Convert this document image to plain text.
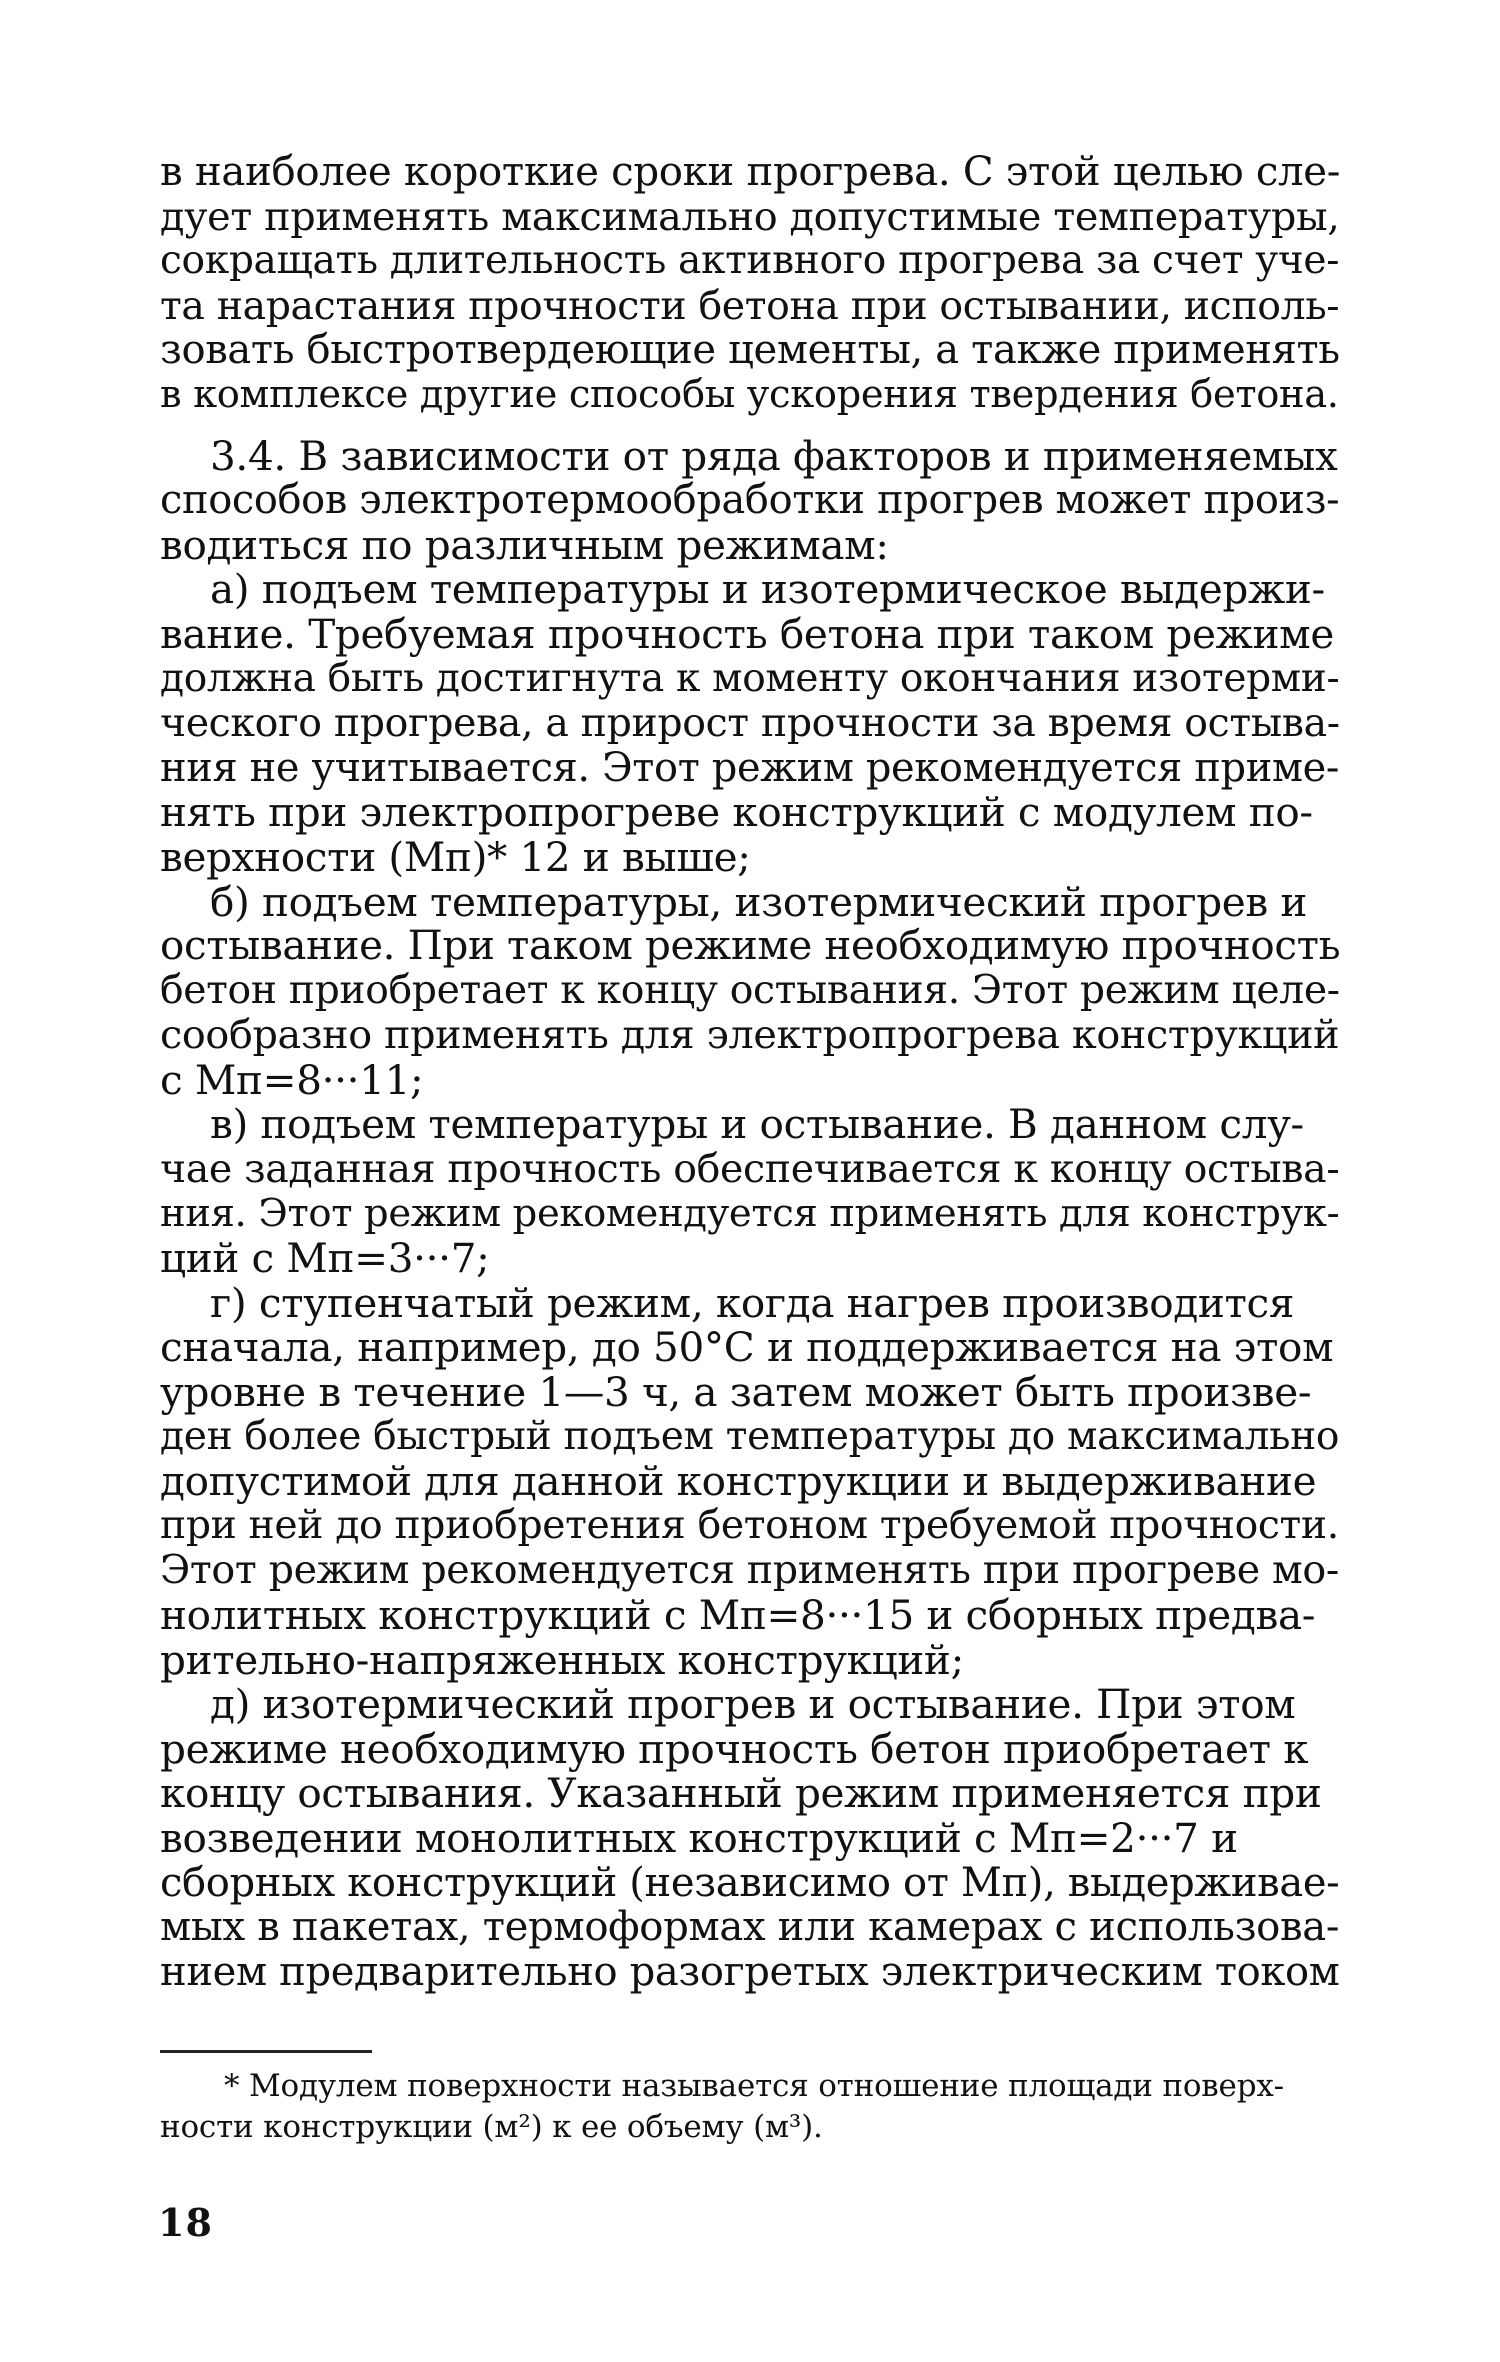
в наиболее короткие сроки прогрева. С этой целью сле-
дует применять максимально допустимые температуры,
сокращать длительность активного прогрева за счет уче-
та нарастания прочности бетона при остывании, исполь-
зовать быстротвердеющие цементы, а также применять
в комплексе другие способы ускорения твердения бетона.
3.4. В зависимости от ряда факторов и применяемых
способов электротермообработки прогрев может произ-
водиться по различным режимам:
а) подъем температуры и изотермическое выдержи-
вание. Требуемая прочность бетона при таком режиме
должна быть достигнута к моменту окончания изотерми-
ческого прогрева, а прирост прочности за время остыва-
ния не учитывается. Этот режим рекомендуется приме-
нять при электропрогреве конструкций с модулем по-
верхности (Мп)* 12 и выше;
б) подъем температуры, изотермический прогрев и
остывание. При таком режиме необходимую прочность
бетон приобретает к концу остывания. Этот режим целе-
сообразно применять для электропрогрева конструкций
с Мп=8···11;
в) подъем температуры и остывание. В данном слу-
чае заданная прочность обеспечивается к концу остыва-
ния. Этот режим рекомендуется применять для конструк-
ций с Мп=3···7;
г) ступенчатый режим, когда нагрев производится
сначала, например, до 50°С и поддерживается на этом
уровне в течение 1—3 ч, а затем может быть произве-
ден более быстрый подъем температуры до максимально
допустимой для данной конструкции и выдерживание
при ней до приобретения бетоном требуемой прочности.
Этот режим рекомендуется применять при прогреве мо-
нолитных конструкций с Мп=8···15 и сборных предва-
рительно-напряженных конструкций;
д) изотермический прогрев и остывание. При этом
режиме необходимую прочность бетон приобретает к
концу остывания. Указанный режим применяется при
возведении монолитных конструкций с Мп=2···7 и
сборных конструкций (независимо от Мп), выдерживае-
мых в пакетах, термоформах или камерах с использова-
нием предварительно разогретых электрическим током
* Модулем поверхности называется отношение площади поверх-
ности конструкции (м²) к ее объему (м³).
18
